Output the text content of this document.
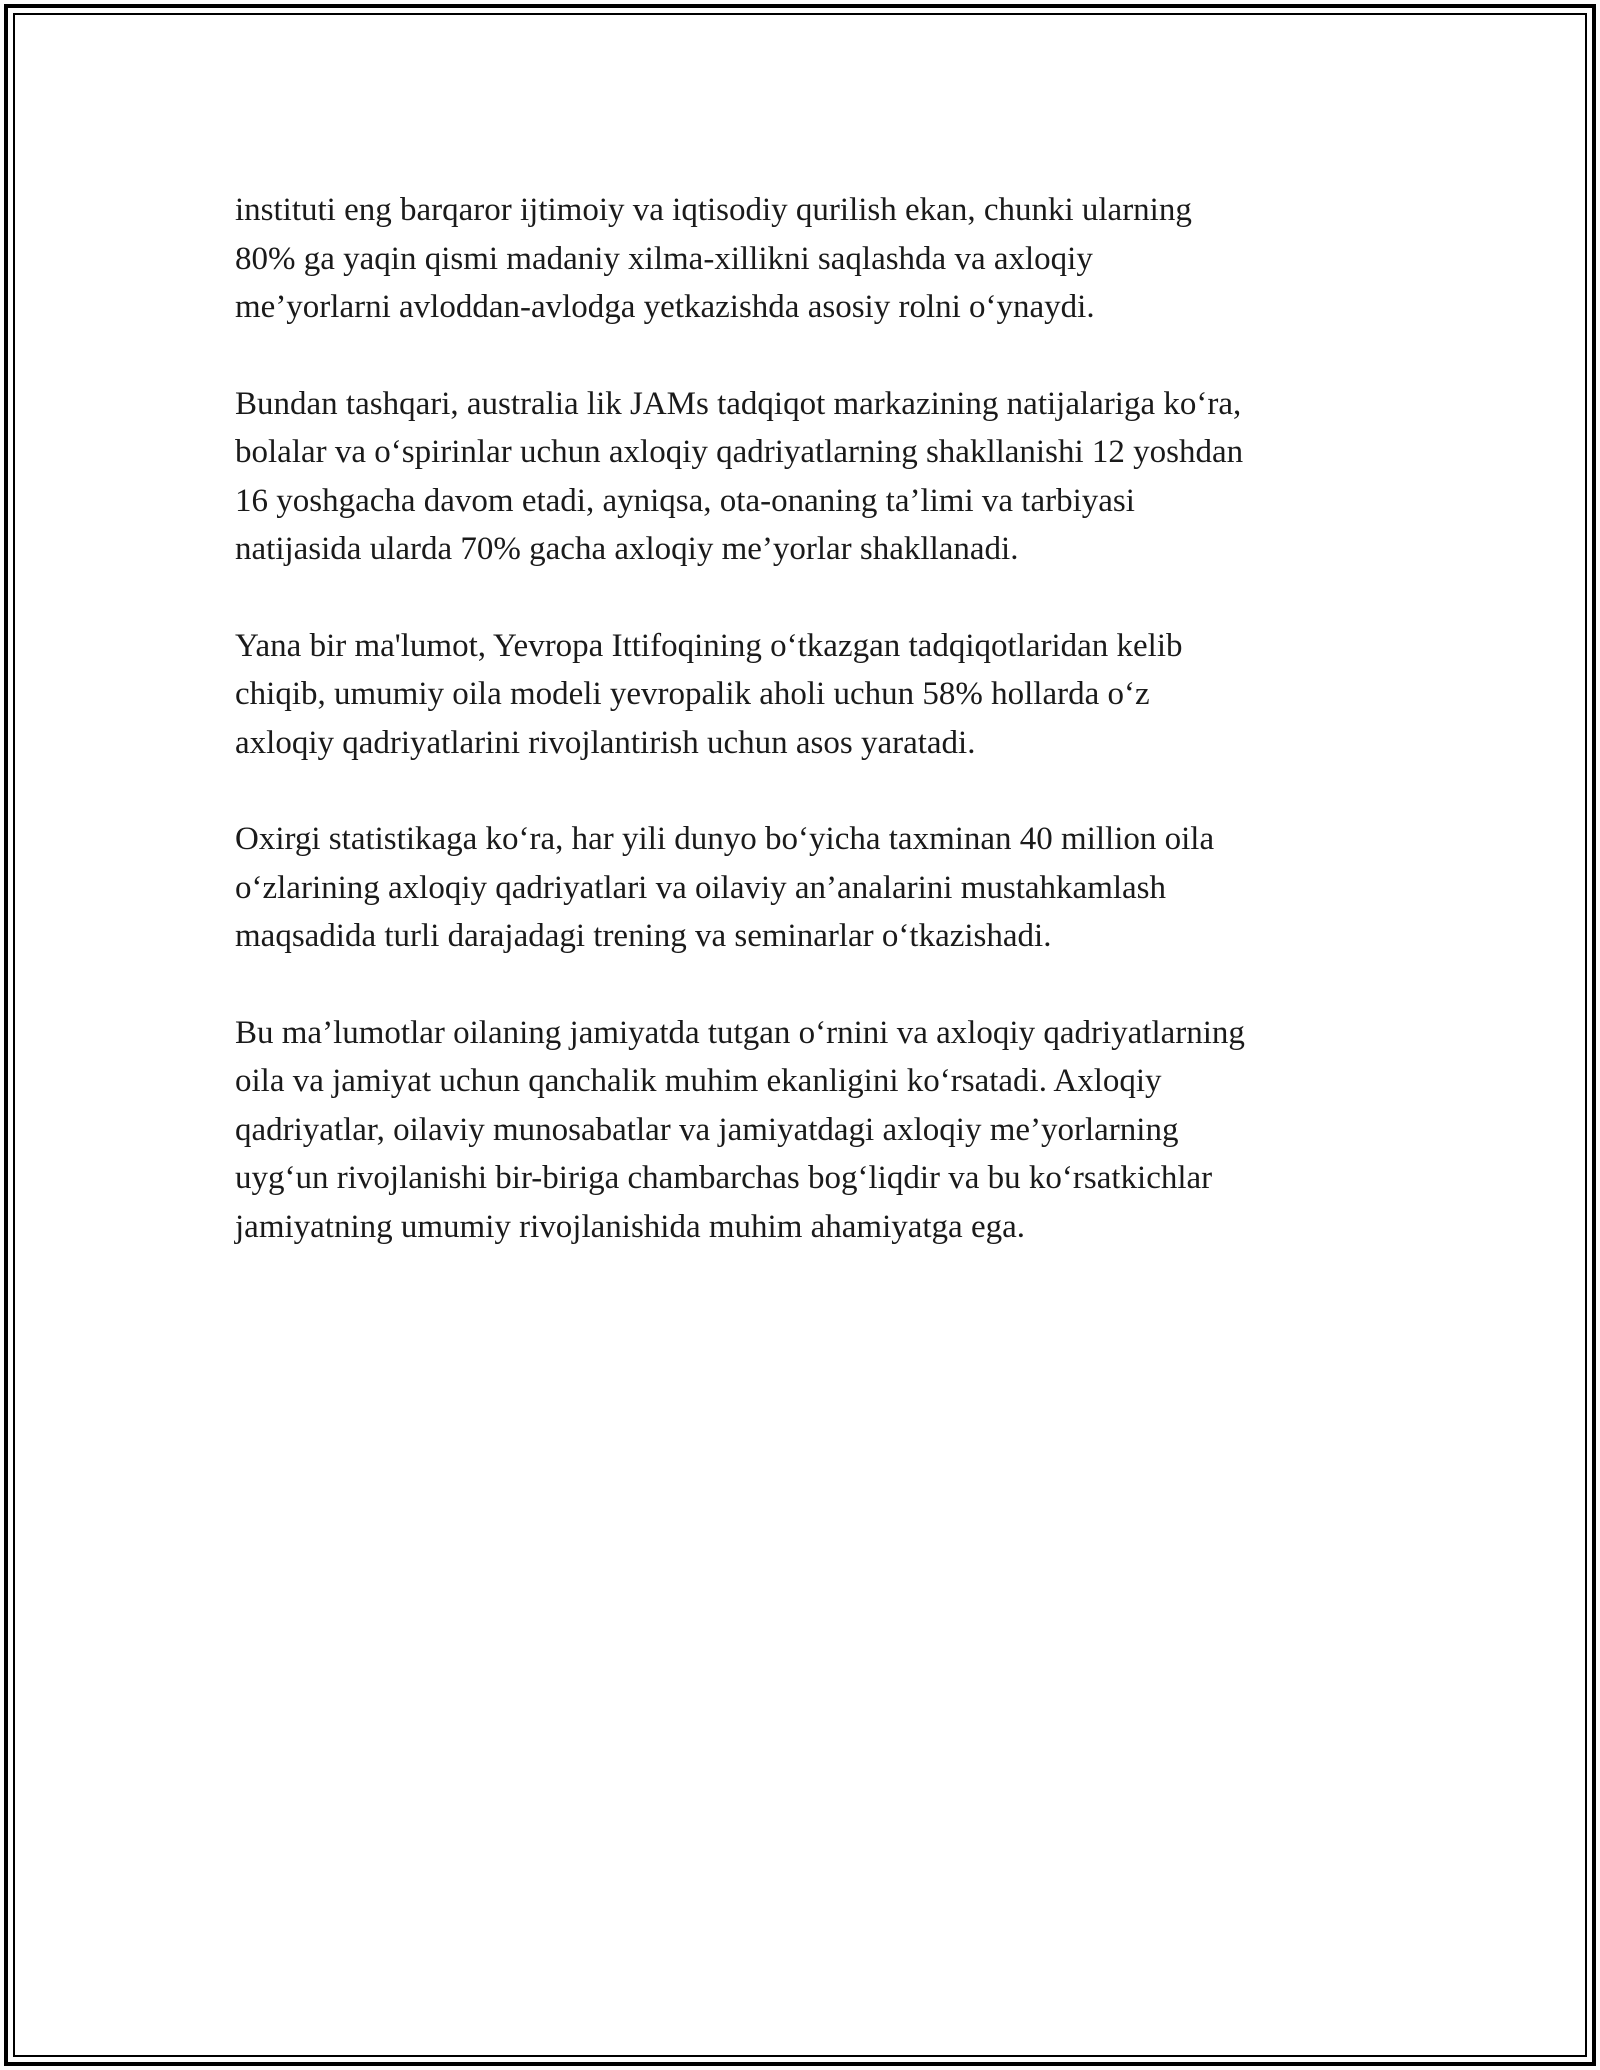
instituti eng barqaror ijtimoiy va iqtisodiy qurilish ekan, chunki ularning
80% ga yaqin qismi madaniy xilma-xillikni saqlashda va axloqiy
me’yorlarni avloddan-avlodga yetkazishda asosiy rolni o‘ynaydi.

Bundan tashqari, australia lik JAMs tadqiqot markazining natijalariga ko‘ra,
bolalar va o‘spirinlar uchun axloqiy qadriyatlarning shakllanishi 12 yoshdan
16 yoshgacha davom etadi, ayniqsa, ota-onaning ta’limi va tarbiyasi
natijasida ularda 70% gacha axloqiy me’yorlar shakllanadi.

Yana bir ma'lumot, Yevropa Ittifoqining o‘tkazgan tadqiqotlaridan kelib
chiqib, umumiy oila modeli yevropalik aholi uchun 58% hollarda o‘z
axloqiy qadriyatlarini rivojlantirish uchun asos yaratadi.

Oxirgi statistikaga ko‘ra, har yili dunyo bo‘yicha taxminan 40 million oila
o‘zlarining axloqiy qadriyatlari va oilaviy an’analarini mustahkamlash
maqsadida turli darajadagi trening va seminarlar o‘tkazishadi.

Bu ma’lumotlar oilaning jamiyatda tutgan o‘rnini va axloqiy qadriyatlarning
oila va jamiyat uchun qanchalik muhim ekanligini ko‘rsatadi. Axloqiy
qadriyatlar, oilaviy munosabatlar va jamiyatdagi axloqiy me’yorlarning
uyg‘un rivojlanishi bir-biriga chambarchas bog‘liqdir va bu ko‘rsatkichlar
jamiyatning umumiy rivojlanishida muhim ahamiyatga ega.
